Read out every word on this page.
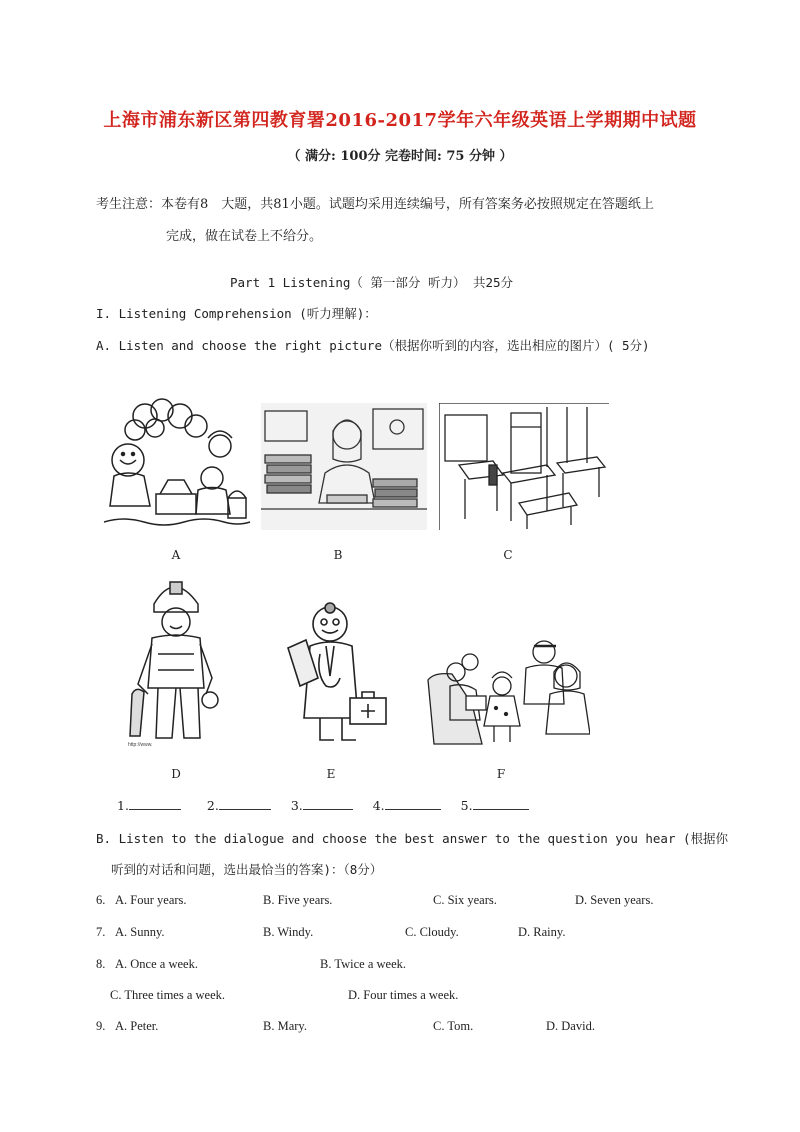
上海市浦东新区第四教育署2016-2017学年六年级英语上学期期中试题
（ 满分: 100分 完卷时间: 75 分钟 ）
考生注意：本卷有8　大题，共81小题。试题均采用连续编号，所有答案务必按照规定在答题纸上
完成，做在试卷上不给分。
Part 1 Listening（ 第一部分 听力） 共25分
I. Listening Comprehension (听力理解)：
A. Listen and choose the right picture（根据你听到的内容，选出相应的图片）( 5分)
A	B	C
http://www.
D	E	F
1.	2.	3.	4.	5.
B. Listen to the dialogue and choose the best answer to the question you hear (根据你
听到的对话和问题，选出最恰当的答案)：（8分）
6. A. Four years.	B. Five years.	C. Six years.	D. Seven years.
7. A. Sunny.	B. Windy.	C. Cloudy.	D. Rainy.
8. A. Once a week.	B. Twice a week.
C. Three times a week.	D. Four times a week.
9. A. Peter.	B. Mary.	C. Tom.	D. David.
